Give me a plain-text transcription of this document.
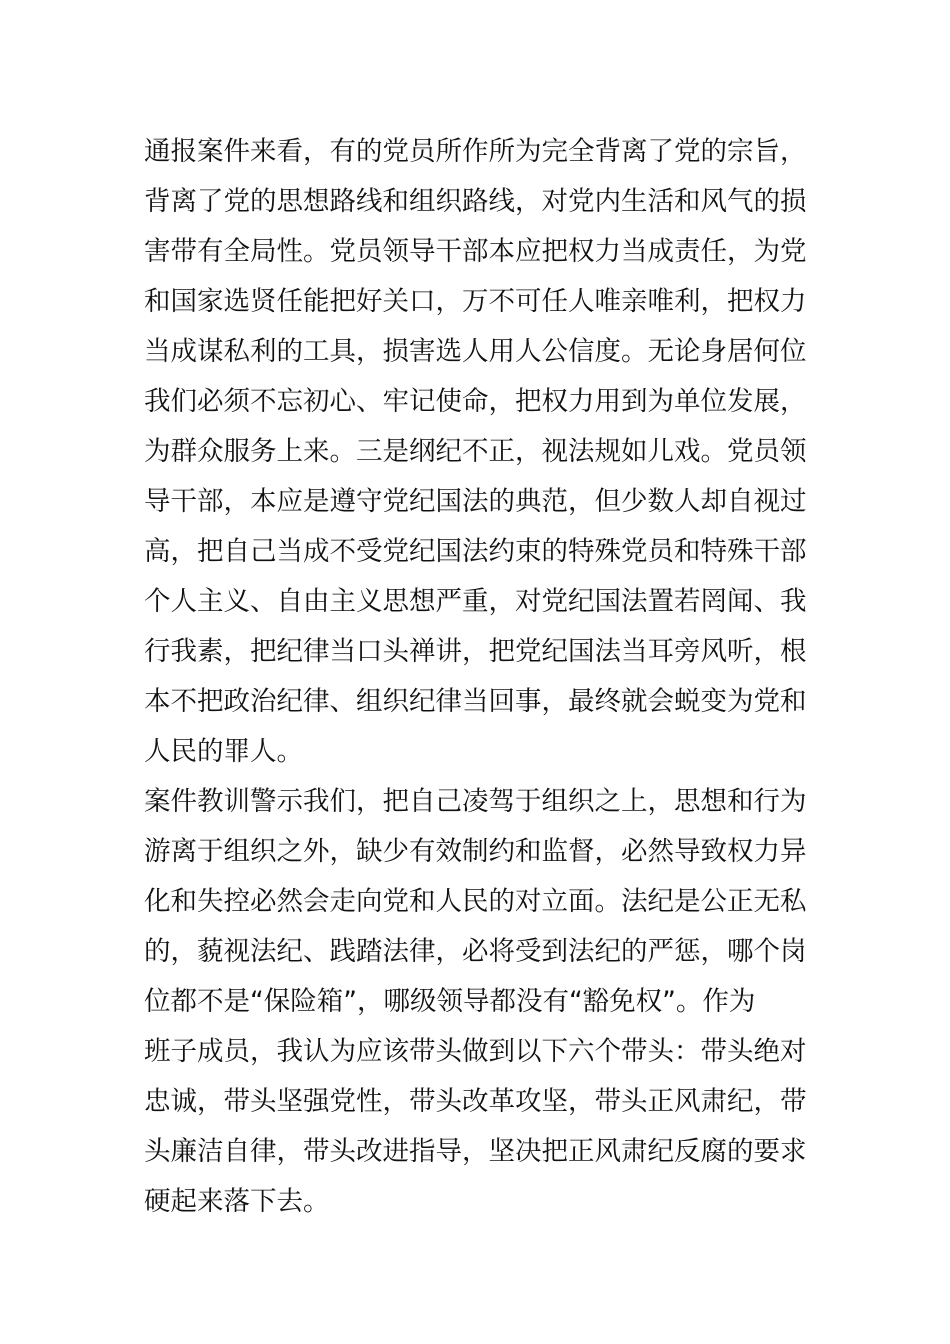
通报案件来看，有的党员所作所为完全背离了党的宗旨，
背离了党的思想路线和组织路线，对党内生活和风气的损
害带有全局性。党员领导干部本应把权力当成责任，为党
和国家选贤任能把好关口，万不可任人唯亲唯利，把权力
当成谋私利的工具，损害选人用人公信度。无论身居何位
我们必须不忘初心、牢记使命，把权力用到为单位发展，
为群众服务上来。三是纲纪不正，视法规如儿戏。党员领
导干部，本应是遵守党纪国法的典范，但少数人却自视过
高，把自己当成不受党纪国法约束的特殊党员和特殊干部
个人主义、自由主义思想严重，对党纪国法置若罔闻、我
行我素，把纪律当口头禅讲，把党纪国法当耳旁风听，根
本不把政治纪律、组织纪律当回事，最终就会蜕变为党和
人民的罪人。
案件教训警示我们，把自己凌驾于组织之上，思想和行为
游离于组织之外，缺少有效制约和监督，必然导致权力异
化和失控必然会走向党和人民的对立面。法纪是公正无私
的，藐视法纪、践踏法律，必将受到法纪的严惩，哪个岗
位都不是“保险箱”，哪级领导都没有“豁免权”。作为
班子成员，我认为应该带头做到以下六个带头：带头绝对
忠诚，带头坚强党性，带头改革攻坚，带头正风肃纪，带
头廉洁自律，带头改进指导，坚决把正风肃纪反腐的要求
硬起来落下去。
